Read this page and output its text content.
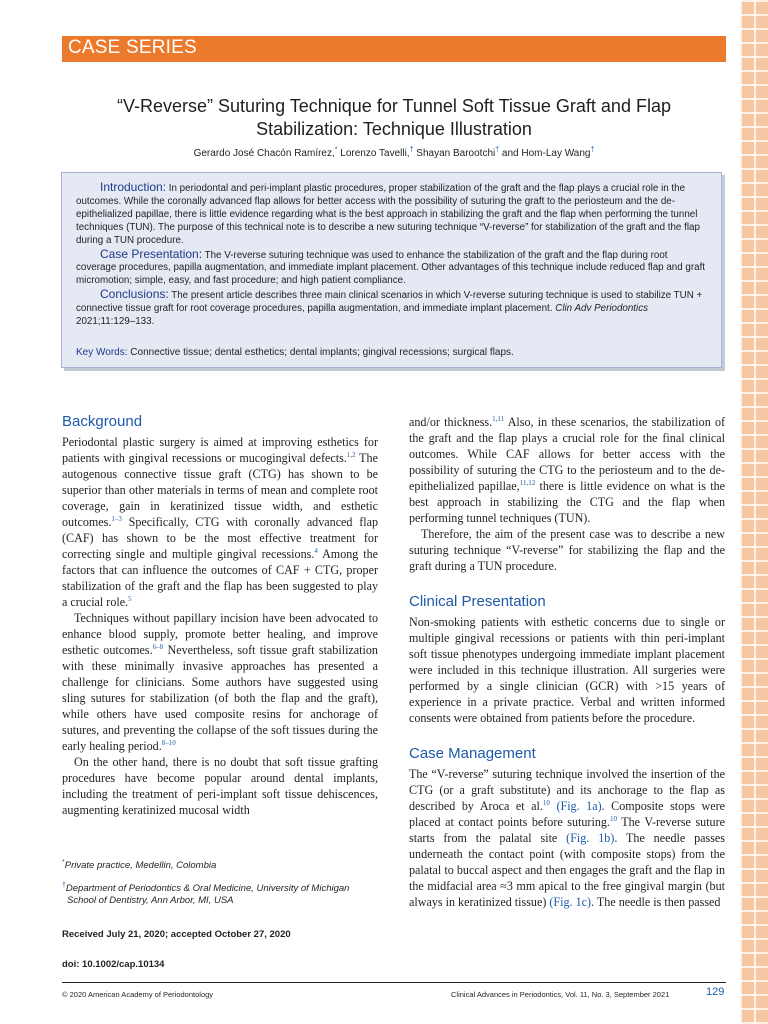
CASE SERIES
“V-Reverse” Suturing Technique for Tunnel Soft Tissue Graft and Flap
Stabilization: Technique Illustration
Gerardo José Chacón Ramírez,* Lorenzo Tavelli,† Shayan Barootchi† and Hom-Lay Wang†

Introduction: In periodontal and peri-implant plastic procedures, proper stabilization of the graft and the flap plays a crucial role in the outcomes. While the coronally advanced flap allows for better access with the possibility of suturing the graft to the periosteum and the de-epithelialized papillae, there is little evidence regarding what is the best approach in stabilizing the graft and the flap when performing the tunnel techniques (TUN). The purpose of this technical note is to describe a new suturing technique “V-reverse” for stabilization of the graft and the flap during a TUN procedure.

Case Presentation: The V-reverse suturing technique was used to enhance the stabilization of the graft and the flap during root coverage procedures, papilla augmentation, and immediate implant placement. Other advantages of this technique include reduced flap and graft micromotion; simple, easy, and fast procedure; and high patient compliance.

Conclusions: The present article describes three main clinical scenarios in which V-reverse suturing technique is used to stabilize TUN + connective tissue graft for root coverage procedures, papilla augmentation, and immediate implant placement. Clin Adv Periodontics 2021;11:129–133.

Key Words: Connective tissue; dental esthetics; dental implants; gingival recessions; surgical flaps.
Background

Periodontal plastic surgery is aimed at improving esthetics for patients with gingival recessions or mucogingival defects.$^{1,2}$ The autogenous connective tissue graft (CTG) has shown to be superior than other materials in terms of mean and complete root coverage, gain in keratinized tissue width, and esthetic outcomes.$^{1-3}$ Specifically, CTG with coronally advanced flap (CAF) has shown to be the most effective treatment for correcting single and multiple gingival recessions.$^4$ Among the factors that can influence the outcomes of CAF + CTG, proper stabilization of the graft and the flap has been suggested to play a crucial role.$^5$

Techniques without papillary incision have been advocated to enhance blood supply, promote better healing, and improve esthetic outcomes.$^{6-8}$ Nevertheless, soft tissue graft stabilization with these minimally invasive approaches has presented a challenge for clinicians. Some authors have suggested using sling sutures for stabilization (of both the flap and the graft), while others have used composite resins for anchorage of sutures, and preventing the collapse of the soft tissues during the early healing period.$^{8-10}$

On the other hand, there is no doubt that soft tissue grafting procedures have become popular around dental implants, including the treatment of peri-implant soft tissue dehiscences, augmenting keratinized mucosal width

*Private practice, Medellin, Colombia
†Department of Periodontics & Oral Medicine, University of Michigan
School of Dentistry, Ann Arbor, MI, USA
Received July 21, 2020; accepted October 27, 2020
doi: 10.1002/cap.10134

and/or thickness.$^{1,11}$ Also, in these scenarios, the stabilization of the graft and the flap plays a crucial role for the final clinical outcomes. While CAF allows for better access with the possibility of suturing the CTG to the periosteum and to the de-epithelialized papillae,$^{11,12}$ there is little evidence on what is the best approach in stabilizing the CTG and the flap when performing tunnel techniques (TUN).

Therefore, the aim of the present case was to describe a new suturing technique “V-reverse” for stabilizing the flap and the graft during a TUN procedure.

Clinical Presentation

Non-smoking patients with esthetic concerns due to single or multiple gingival recessions or patients with thin peri-implant soft tissue phenotypes undergoing immediate implant placement were included in this technique illustration. All surgeries were performed by a single clinician (GCR) with >15 years of experience in a private practice. Verbal and written informed consents were obtained from patients before the procedure.

Case Management

The “V-reverse” suturing technique involved the insertion of the CTG (or a graft substitute) and its anchorage to the flap as described by Aroca et al.$^{10}$ (Fig. 1a). Composite stops were placed at contact points before suturing.$^{10}$ The V-reverse suture starts from the palatal site (Fig. 1b). The needle passes underneath the contact point (with composite stops) from the palatal to buccal aspect and then engages the graft and the flap in the midfacial area ≈3 mm apical to the free gingival margin (but always in keratinized tissue) (Fig. 1c). The needle is then passed

© 2020 American Academy of Periodontology	Clinical Advances in Periodontics, Vol. 11, No. 3, September 2021	129
